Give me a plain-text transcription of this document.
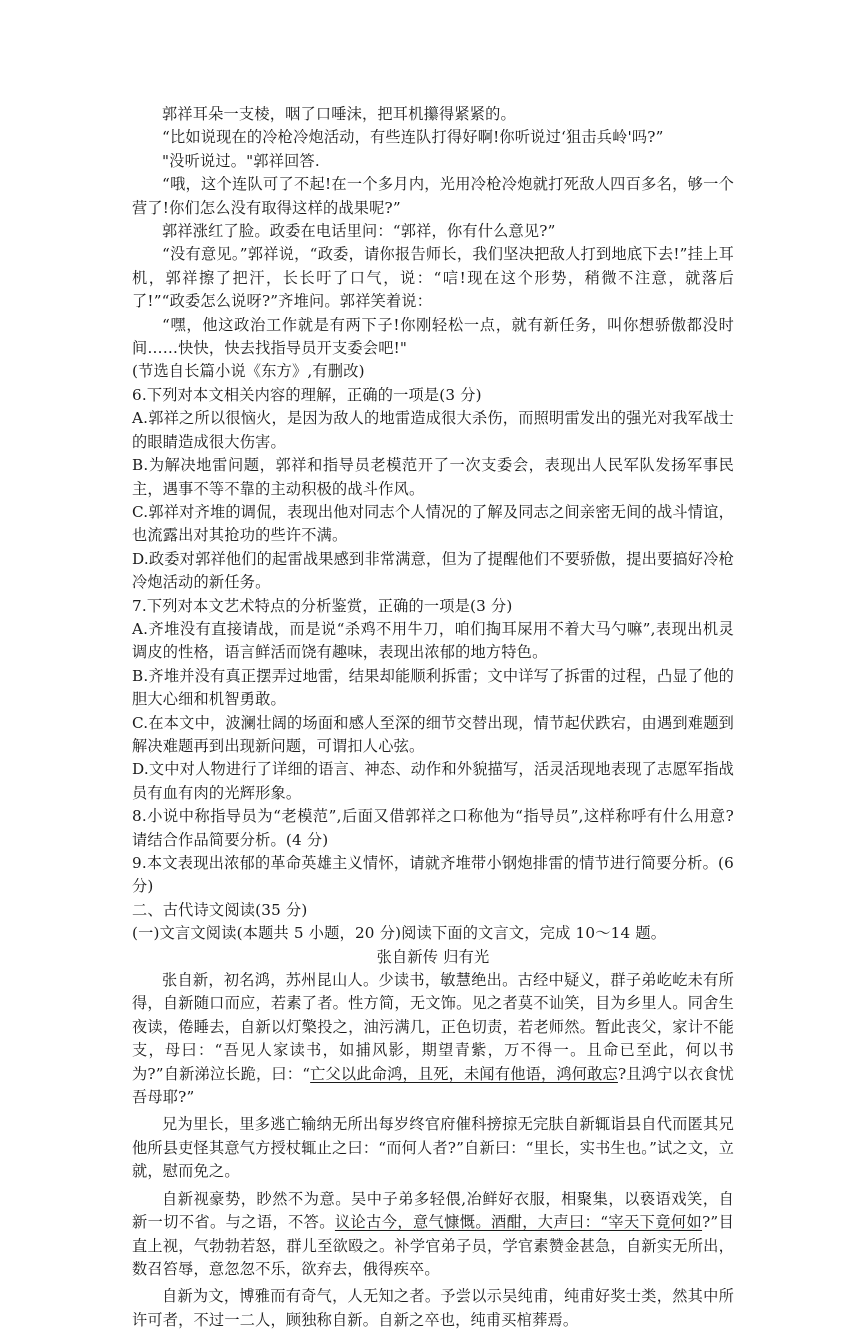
郭祥耳朵一支棱，咽了口唾沫，把耳机攥得紧紧的。

“比如说现在的冷枪冷炮活动，有些连队打得好啊!你听说过‘狙击兵岭'吗?”

"没听说过。"郭祥回答.

“哦，这个连队可了不起!在一个多月内，光用冷枪冷炮就打死敌人四百多名，够一个营了!你们怎么没有取得这样的战果呢?”

郭祥涨红了脸。政委在电话里问：“郭祥，你有什么意见?”

“没有意见。”郭祥说，“政委，请你报告师长，我们坚决把敌人打到地底下去!”挂上耳机，郭祥擦了把汗，长长吁了口气，说：“唁!现在这个形势，稍微不注意，就落后了!”“政委怎么说呀?”齐堆问。郭祥笑着说：

“嘿，他这政治工作就是有两下子!你刚轻松一点，就有新任务，叫你想骄傲都没时间……快快，快去找指导员开支委会吧!"

(节选自长篇小说《东方》,有删改)

6.下列对本文相关内容的理解，正确的一项是(3 分)

A.郭祥之所以很恼火，是因为敌人的地雷造成很大杀伤，而照明雷发出的强光对我军战士的眼睛造成很大伤害。

B.为解决地雷问题，郭祥和指导员老模范开了一次支委会，表现出人民军队发扬军事民主，遇事不等不靠的主动积极的战斗作风。

C.郭祥对齐堆的调侃，表现出他对同志个人情况的了解及同志之间亲密无间的战斗情谊，也流露出对其抢功的些许不满。

D.政委对郭祥他们的起雷战果感到非常满意，但为了提醒他们不要骄傲，提出要搞好冷枪冷炮活动的新任务。

7.下列对本文艺术特点的分析鉴赏，正确的一项是(3 分)

A.齐堆没有直接请战，而是说“杀鸡不用牛刀，咱们掏耳屎用不着大马勺嘛”,表现出机灵调皮的性格，语言鲜活而饶有趣味，表现出浓郁的地方特色。

B.齐堆并没有真正摆弄过地雷，结果却能顺利拆雷；文中详写了拆雷的过程，凸显了他的胆大心细和机智勇敢。

C.在本文中，波澜壮阔的场面和感人至深的细节交替出现，情节起伏跌宕，由遇到难题到解决难题再到出现新问题，可谓扣人心弦。

D.文中对人物进行了详细的语言、神态、动作和外貌描写，活灵活现地表现了志愿军指战员有血有肉的光辉形象。

8.小说中称指导员为“老模范”,后面又借郭祥之口称他为“指导员”,这样称呼有什么用意?请结合作品简要分析。(4 分)

9.本文表现出浓郁的革命英雄主义情怀，请就齐堆带小钢炮排雷的情节进行简要分析。(6 分)

二、古代诗文阅读(35 分)

(一)文言文阅读(本题共 5 小题，20 分)阅读下面的文言文，完成 10～14 题。

张自新传 归有光

张自新，初名鸿，苏州昆山人。少读书，敏慧绝出。古经中疑义，群子弟屹屹未有所得，自新随口而应，若素了者。性方简，无文饰。见之者莫不讪笑，目为乡里人。同舍生夜读，倦睡去，自新以灯檠投之，油污满几，正色切责，若老师然。暂此丧父，家计不能支，母曰：“吾见人家读书，如捕风影，期望青紫，万不得一。且命已至此，何以书为?”自新涕泣长跪，曰：“亡父以此命鸿，且死，未闻有他语，鸿何敢忘?且鸿宁以衣食忧吾母耶?”

兄为里长，里多逃亡输纳无所出每岁终官府催科搒掠无完肤自新辄诣县自代而匿其兄他所县吏怪其意气方授杖辄止之曰：“而何人者?”自新曰：“里长，实书生也。”试之文，立就，慰而免之。

自新视豪势，眇然不为意。吴中子弟多轻偎,冶鲜好衣服，相聚集，以亵语戏笑，自新一切不省。与之语，不答。议论古今，意气慷慨。酒酣，大声曰：“宰天下竟何如?”目直上视，气勃勃若怒，群儿至欲殴之。补学官弟子员，学官素赞金甚急，自新实无所出，数召笞辱，意忽忽不乐，欲弃去，俄得疾卒。

自新为文，博雅而有奇气，人无知之者。予尝以示吴纯甫，纯甫好奖士类，然其中所许可者，不过一二人，顾独称自新。自新之卒也，纯甫买棺葬焉。
